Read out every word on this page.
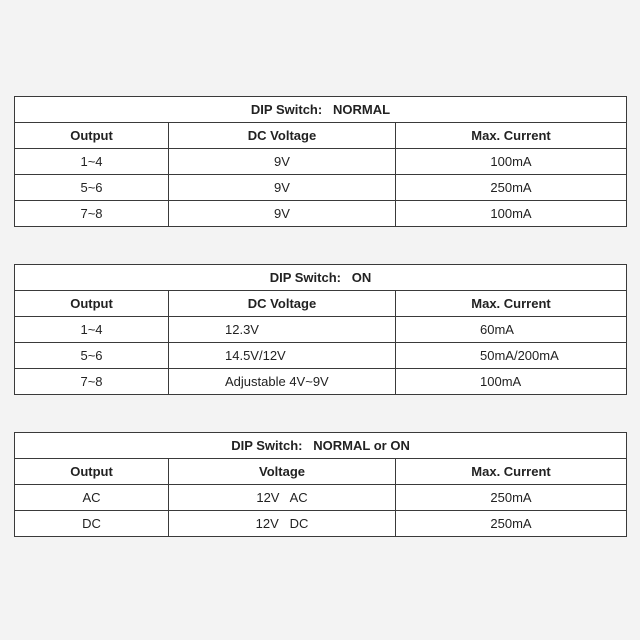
DIP Switch:   NORMAL		
Output	DC Voltage	Max. Current
1~4	9V	100mA
5~6	9V	250mA
7~8	9V	100mA
DIP Switch:   ON		
Output	DC Voltage	Max. Current
1~4	12.3V	60mA
5~6	14.5V/12V	50mA/200mA
7~8	Adjustable 4V~9V	100mA
DIP Switch:   NORMAL or ON		
Output	Voltage	Max. Current
AC	12V   AC	250mA
DC	12V   DC	250mA
